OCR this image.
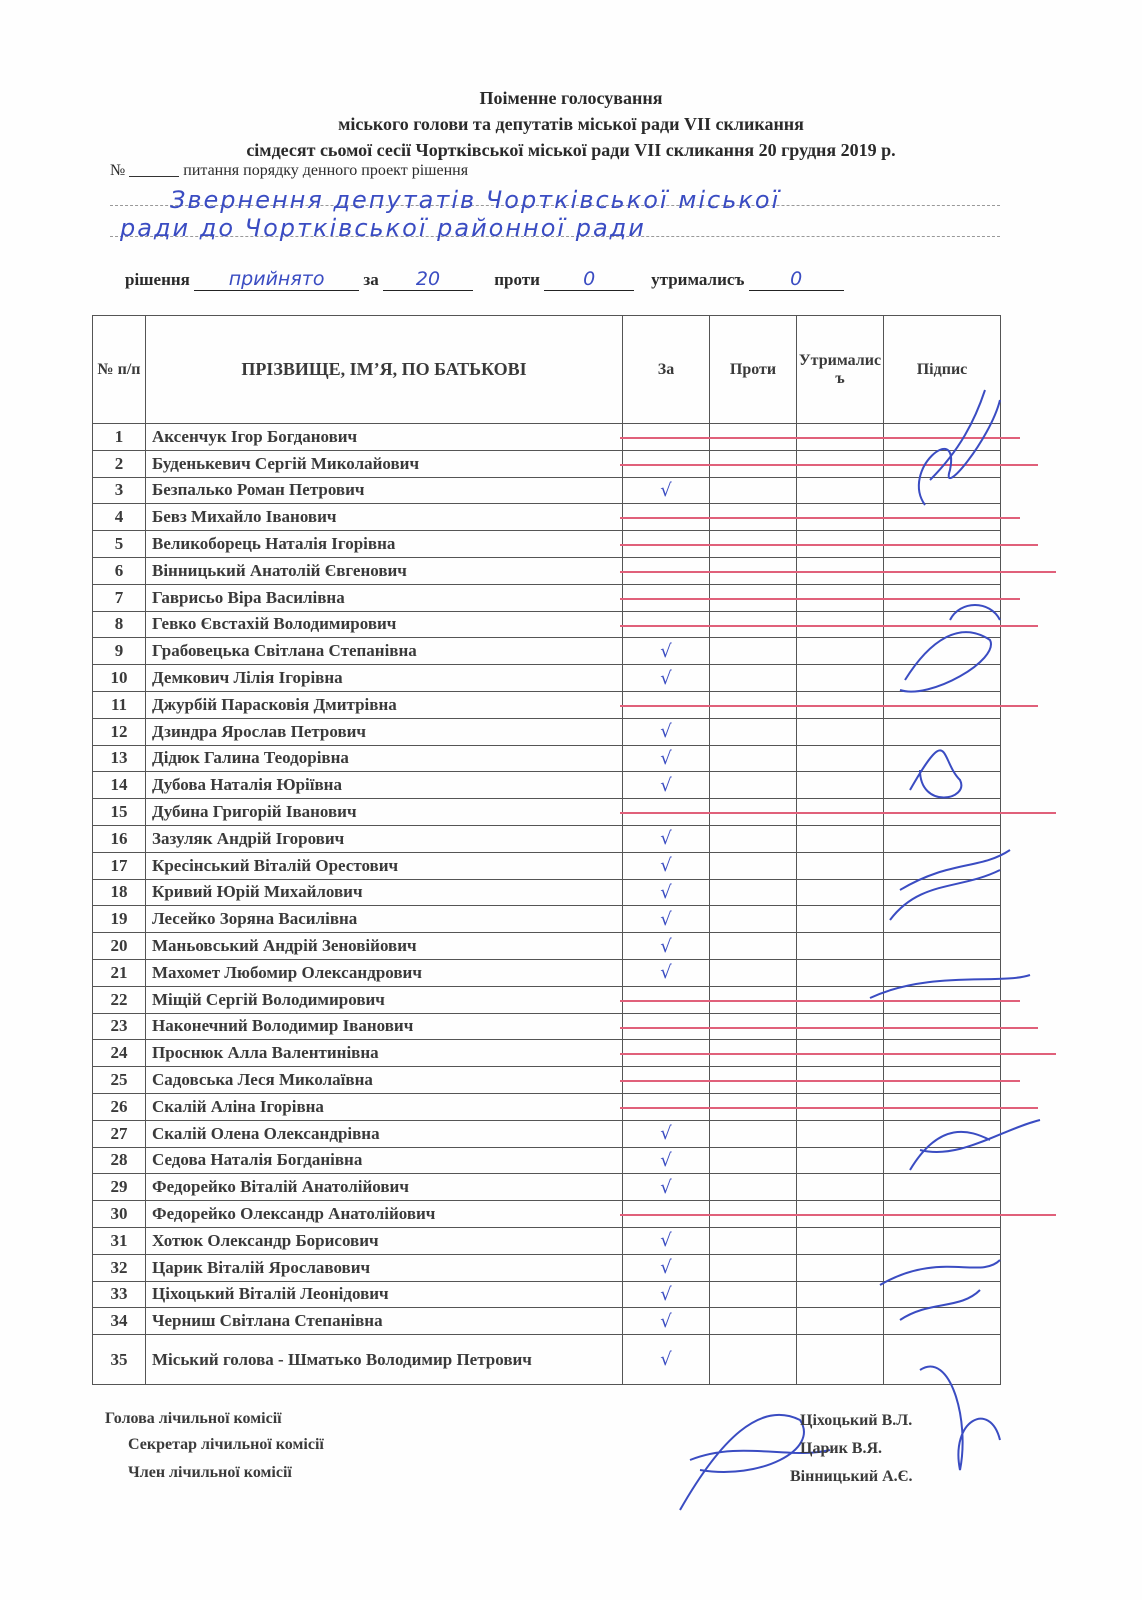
Поіменне голосування
міського голови та депутатів міської ради VII скликання
сімдесят сьомої сесії Чортківської міської ради VII скликання 20 грудня 2019 р.
№	питання порядку денного проект рішення
Звернення депутатів Чортківської міської
ради до Чортківської районної ради
рішення прийнято за 20	проти 0	утрималисъ 0
№ п/п	ПРІЗВИЩЕ, ІМ’Я, ПО БАТЬКОВІ	За	Проти	Утрималисъ	Підпис
1	Аксенчук Ігор Богданович				
2	Буденькевич Сергій Миколайович				
3	Безпалько Роман Петрович	√			
4	Бевз Михайло Іванович				
5	Великоборець Наталія Ігорівна				
6	Вінницький Анатолій Євгенович				
7	Гаврисьо Віра Василівна				
8	Гевко Євстахій Володимирович				
9	Грабовецька Світлана Степанівна	√			
10	Демкович Лілія Ігорівна	√			
11	Джурбій Парасковія Дмитрівна				
12	Дзиндра Ярослав Петрович	√			
13	Дідюк Галина Теодорівна	√			
14	Дубова Наталія Юріївна	√			
15	Дубина Григорій Іванович				
16	Зазуляк Андрій Ігорович	√			
17	Кресінський Віталій Орестович	√			
18	Кривий Юрій Михайлович	√			
19	Лесейко Зоряна Василівна	√			
20	Маньовський Андрій Зеновійович	√			
21	Махомет Любомир Олександрович	√			
22	Міщій Сергій Володимирович				
23	Наконечний Володимир Іванович				
24	Проснюк Алла Валентинівна				
25	Садовська Леся Миколаївна				
26	Скалій Аліна Ігорівна				
27	Скалій Олена Олександрівна	√			
28	Седова Наталія Богданівна	√			
29	Федорейко Віталій Анатолійович	√			
30	Федорейко Олександр Анатолійович				
31	Хотюк Олександр Борисович	√			
32	Царик Віталій Ярославович	√			
33	Ціхоцький Віталій Леонідович	√			
34	Черниш Світлана Степанівна	√			
35	Міський голова - Шматько Володимир Петрович	√			
Голова лічильної комісії	Ціхоцький В.Л.
Секретар лічильної комісії	Царик В.Я.
Член лічильної комісії	Вінницький А.Є.
